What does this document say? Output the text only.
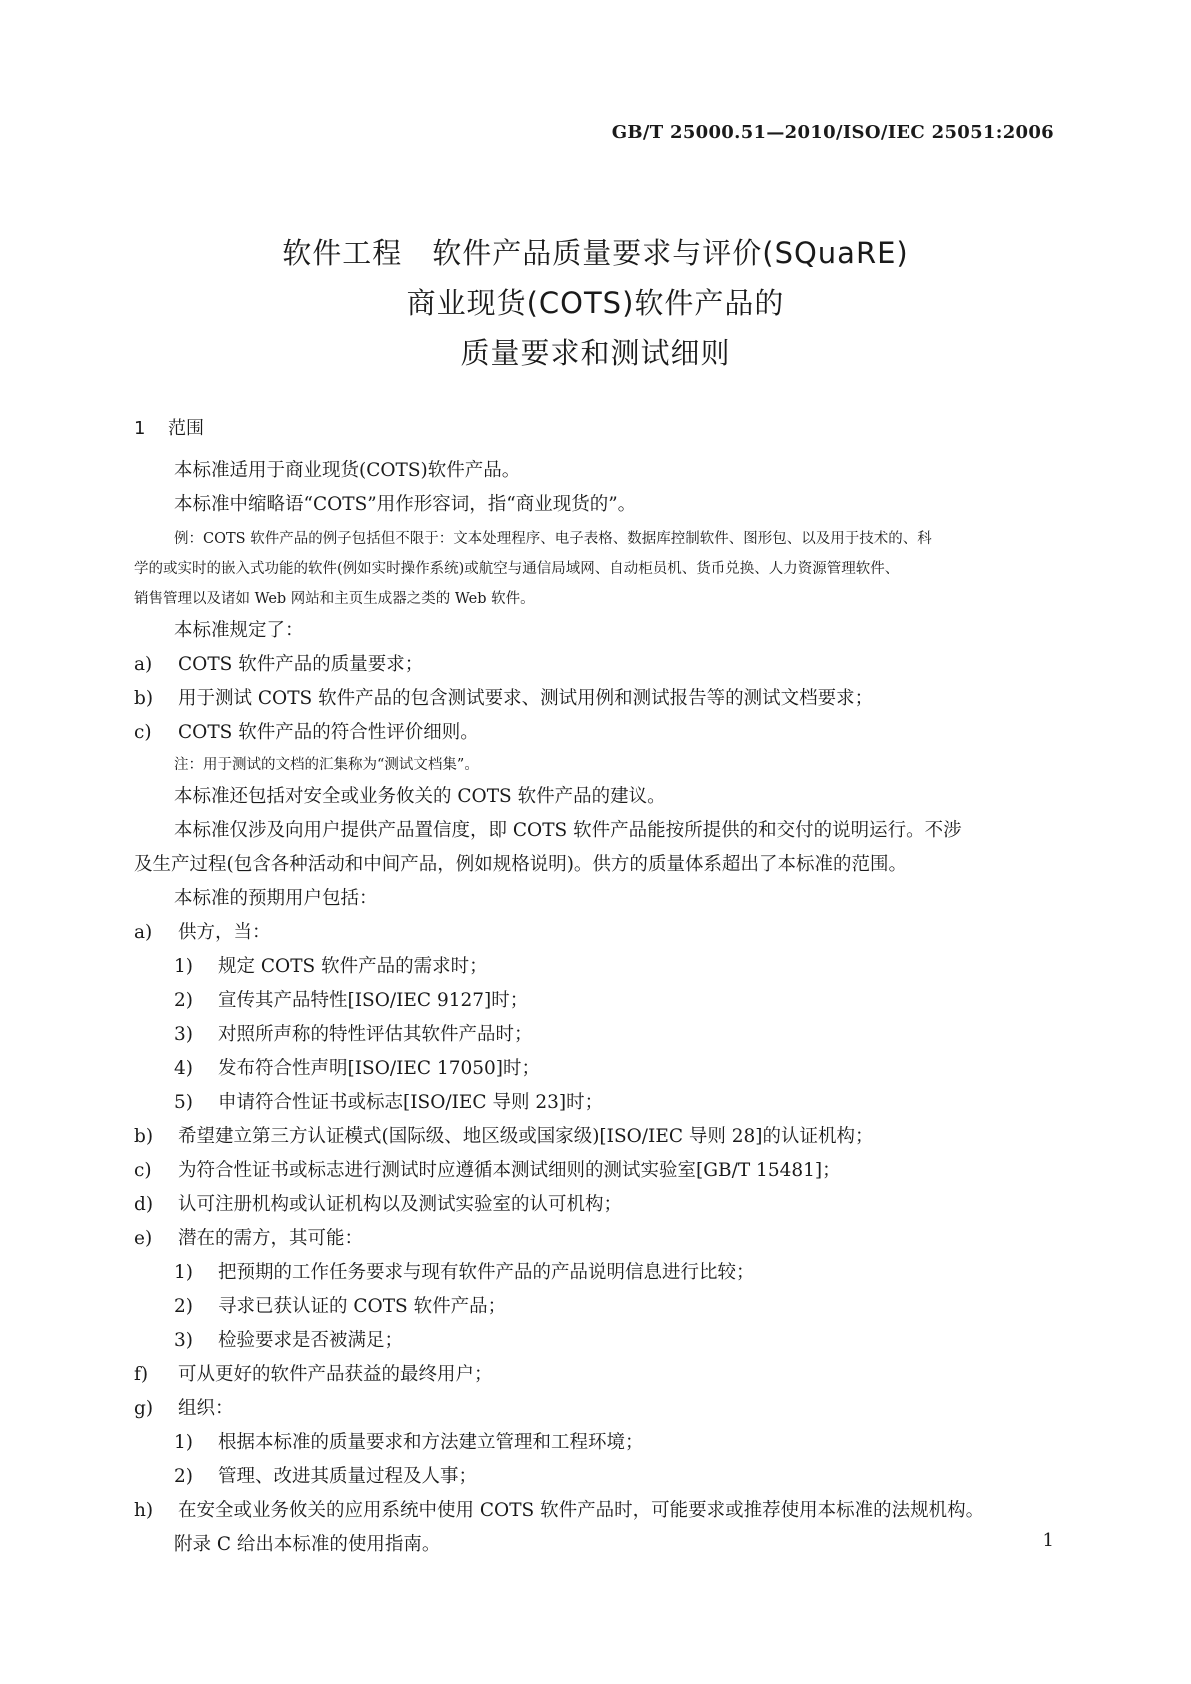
GB/T 25000.51—2010/ISO/IEC 25051:2006
软件工程　软件产品质量要求与评价(SQuaRE)
商业现货(COTS)软件产品的
质量要求和测试细则
1 范围
本标准适用于商业现货(COTS)软件产品。
本标准中缩略语“COTS”用作形容词，指“商业现货的”。
例：COTS 软件产品的例子包括但不限于：文本处理程序、电子表格、数据库控制软件、图形包、以及用于技术的、科
学的或实时的嵌入式功能的软件(例如实时操作系统)或航空与通信局域网、自动柜员机、货币兑换、人力资源管理软件、
销售管理以及诸如 Web 网站和主页生成器之类的 Web 软件。
本标准规定了：
a) COTS 软件产品的质量要求；
b) 用于测试 COTS 软件产品的包含测试要求、测试用例和测试报告等的测试文档要求；
c) COTS 软件产品的符合性评价细则。
注：用于测试的文档的汇集称为“测试文档集”。
本标准还包括对安全或业务攸关的 COTS 软件产品的建议。
本标准仅涉及向用户提供产品置信度，即 COTS 软件产品能按所提供的和交付的说明运行。不涉
及生产过程(包含各种活动和中间产品，例如规格说明)。供方的质量体系超出了本标准的范围。
本标准的预期用户包括：
a) 供方，当：
1) 规定 COTS 软件产品的需求时；
2) 宣传其产品特性[ISO/IEC 9127]时；
3) 对照所声称的特性评估其软件产品时；
4) 发布符合性声明[ISO/IEC 17050]时；
5) 申请符合性证书或标志[ISO/IEC 导则 23]时；
b) 希望建立第三方认证模式(国际级、地区级或国家级)[ISO/IEC 导则 28]的认证机构；
c) 为符合性证书或标志进行测试时应遵循本测试细则的测试实验室[GB/T 15481]；
d) 认可注册机构或认证机构以及测试实验室的认可机构；
e) 潜在的需方，其可能：
1) 把预期的工作任务要求与现有软件产品的产品说明信息进行比较；
2) 寻求已获认证的 COTS 软件产品；
3) 检验要求是否被满足；
f) 可从更好的软件产品获益的最终用户；
g) 组织：
1) 根据本标准的质量要求和方法建立管理和工程环境；
2) 管理、改进其质量过程及人事；
h) 在安全或业务攸关的应用系统中使用 COTS 软件产品时，可能要求或推荐使用本标准的法规机构。
附录 C 给出本标准的使用指南。	1
